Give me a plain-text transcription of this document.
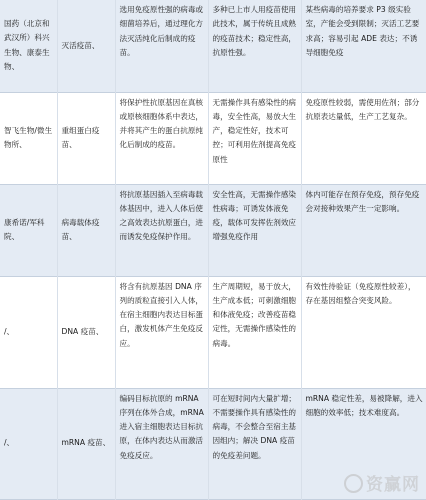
国药（北京和武汉所）科兴生物、康泰生物、	灭活疫苗、	选用免疫原性强的病毒或细菌培养后，通过理化方法灭活纯化后制成的疫苗。	多种已上市人用疫苗使用此技术，属于传统且成熟的疫苗技术；稳定性高，抗原性强。	某些病毒的培养要求 P3 级实验室，产能会受到限制；灭活工艺要求高；容易引起 ADE 表达；不诱导细胞免疫
智飞生物/微生物所、	重组蛋白疫苗、	将保护性抗原基因在真核或原核细胞体系中表达，并将其产生的蛋白抗原纯化后制成的疫苗。	无需操作具有感染性的病毒，安全性高，易放大生产，稳定性好，技术可控；可利用佐剂提高免疫原性	免疫原性较弱，需使用佐剂；部分抗原表达量低，生产工艺复杂。
康希诺/军科院、	病毒载体疫苗、	将抗原基因插入至病毒载体基因中，进入人体后使之高效表达抗原蛋白，进而诱发免疫保护作用。	安全性高，无需操作感染性病毒；可诱发体液免疫，载体可发挥佐剂效应增强免疫作用	体内可能存在预存免疫，预存免疫会对接种效果产生一定影响。
/、	DNA 疫苗、	将含有抗原基因 DNA 序列的质粒直接引入人体，在宿主细胞内表达目标蛋白，激发机体产生免疫反应。	生产周期短，易于放大，生产成本低；可刺激细胞和体液免疫；改善疫苗稳定性，无需操作感染性的病毒。	有效性待验证（免疫原性较差），存在基因组整合突变风险。
/、	mRNA 疫苗、	编码目标抗原的 mRNA 序列在体外合成，mRNA 进入宿主细胞表达目标抗原，在体内表达从而激活免疫反应。	可在短时间内大量扩增；不需要操作具有感染性的病毒，不会整合至宿主基因组内；解决 DNA 疫苗的免疫差问题。	mRNA 稳定性差，易被降解，进入细胞的效率低；技术难度高。
资赢网
